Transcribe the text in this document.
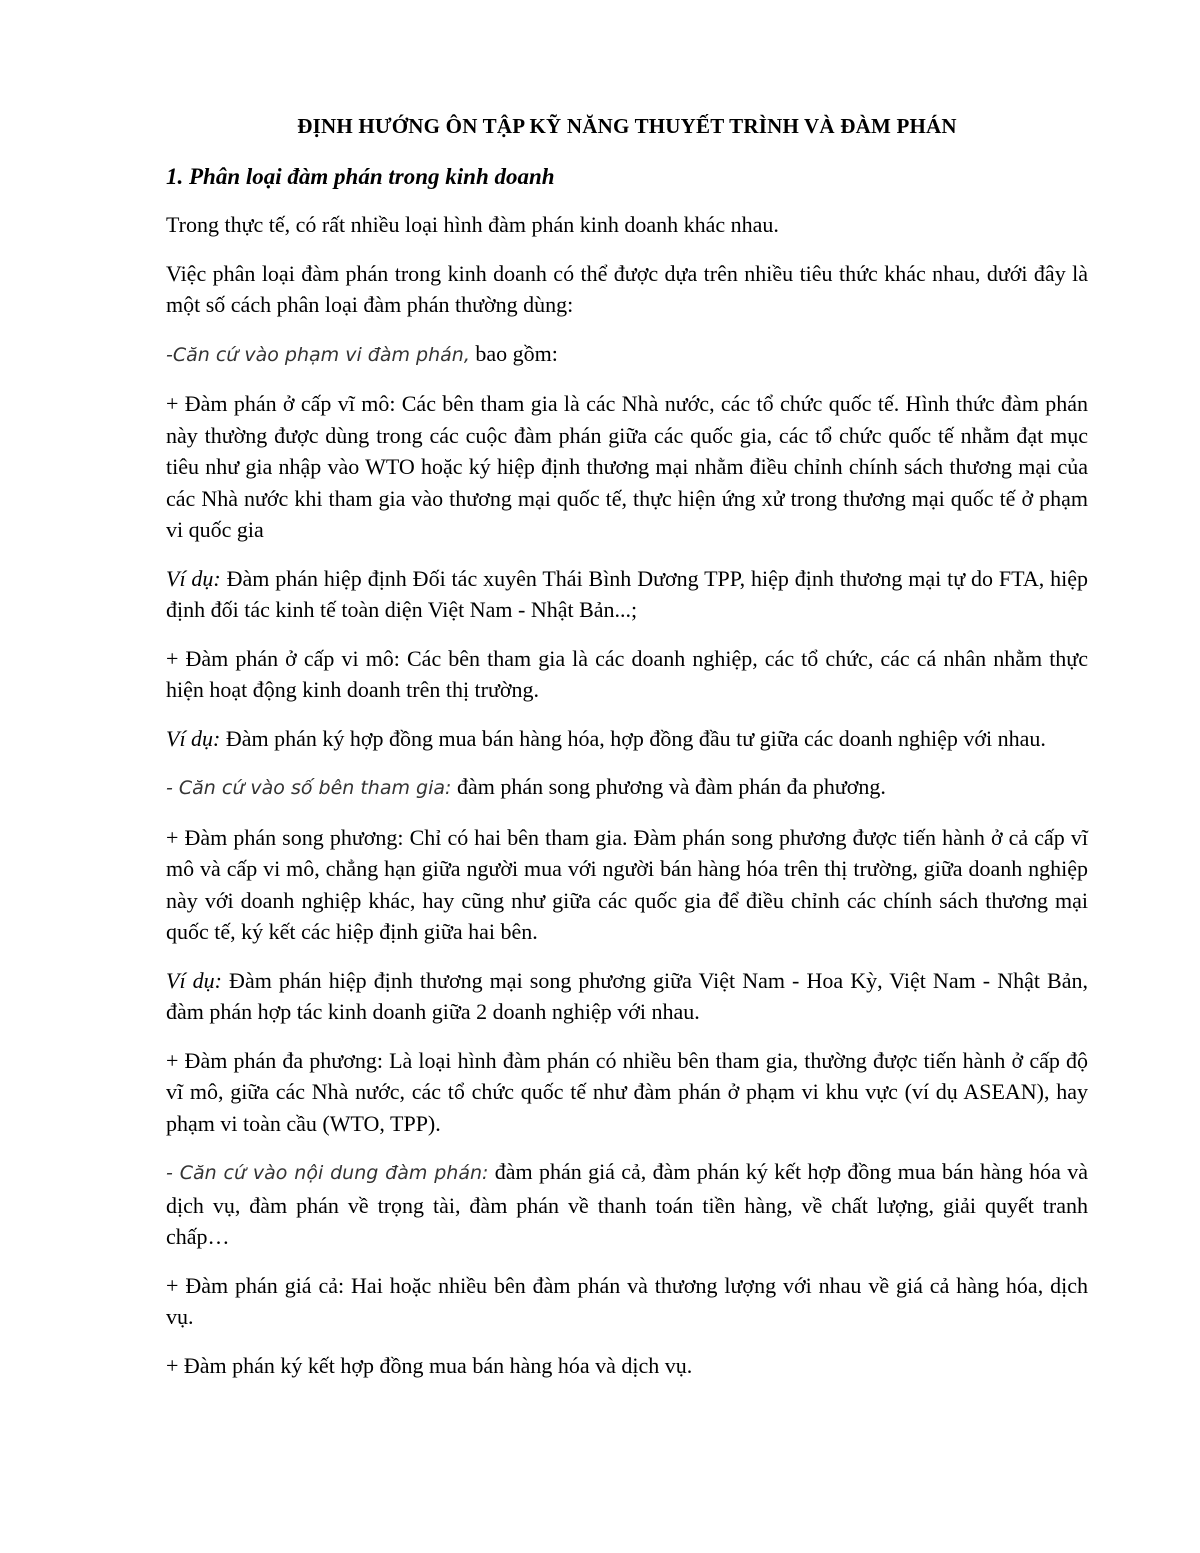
ĐỊNH HƯỚNG ÔN TẬP KỸ NĂNG THUYẾT TRÌNH VÀ ĐÀM PHÁN
1. Phân loại đàm phán trong kinh doanh

Trong thực tế, có rất nhiều loại hình đàm phán kinh doanh khác nhau.

Việc phân loại đàm phán trong kinh doanh có thể được dựa trên nhiều tiêu thức khác nhau, dưới đây là một số cách phân loại đàm phán thường dùng:

-Căn cứ vào phạm vi đàm phán, bao gồm:

+ Đàm phán ở cấp vĩ mô: Các bên tham gia là các Nhà nước, các tổ chức quốc tế. Hình thức đàm phán này thường được dùng trong các cuộc đàm phán giữa các quốc gia, các tổ chức quốc tế nhằm đạt mục tiêu như gia nhập vào WTO hoặc ký hiệp định thương mại nhằm điều chỉnh chính sách thương mại của các Nhà nước khi tham gia vào thương mại quốc tế, thực hiện ứng xử trong thương mại quốc tế ở phạm vi quốc gia

Ví dụ: Đàm phán hiệp định Đối tác xuyên Thái Bình Dương TPP, hiệp định thương mại tự do FTA, hiệp định đối tác kinh tế toàn diện Việt Nam - Nhật Bản...;

+ Đàm phán ở cấp vi mô: Các bên tham gia là các doanh nghiệp, các tổ chức, các cá nhân nhằm thực hiện hoạt động kinh doanh trên thị trường.

Ví dụ: Đàm phán ký hợp đồng mua bán hàng hóa, hợp đồng đầu tư giữa các doanh nghiệp với nhau.

- Căn cứ vào số bên tham gia: đàm phán song phương và đàm phán đa phương.

+ Đàm phán song phương: Chỉ có hai bên tham gia. Đàm phán song phương được tiến hành ở cả cấp vĩ mô và cấp vi mô, chẳng hạn giữa người mua với người bán hàng hóa trên thị trường, giữa doanh nghiệp này với doanh nghiệp khác, hay cũng như giữa các quốc gia để điều chỉnh các chính sách thương mại quốc tế, ký kết các hiệp định giữa hai bên.

Ví dụ: Đàm phán hiệp định thương mại song phương giữa Việt Nam - Hoa Kỳ, Việt Nam - Nhật Bản, đàm phán hợp tác kinh doanh giữa 2 doanh nghiệp với nhau.

+ Đàm phán đa phương: Là loại hình đàm phán có nhiều bên tham gia, thường được tiến hành ở cấp độ vĩ mô, giữa các Nhà nước, các tổ chức quốc tế như đàm phán ở phạm vi khu vực (ví dụ ASEAN), hay phạm vi toàn cầu (WTO, TPP).

- Căn cứ vào nội dung đàm phán: đàm phán giá cả, đàm phán ký kết hợp đồng mua bán hàng hóa và dịch vụ, đàm phán về trọng tài, đàm phán về thanh toán tiền hàng, về chất lượng, giải quyết tranh chấp…

+ Đàm phán giá cả: Hai hoặc nhiều bên đàm phán và thương lượng với nhau về giá cả hàng hóa, dịch vụ.

+ Đàm phán ký kết hợp đồng mua bán hàng hóa và dịch vụ.
